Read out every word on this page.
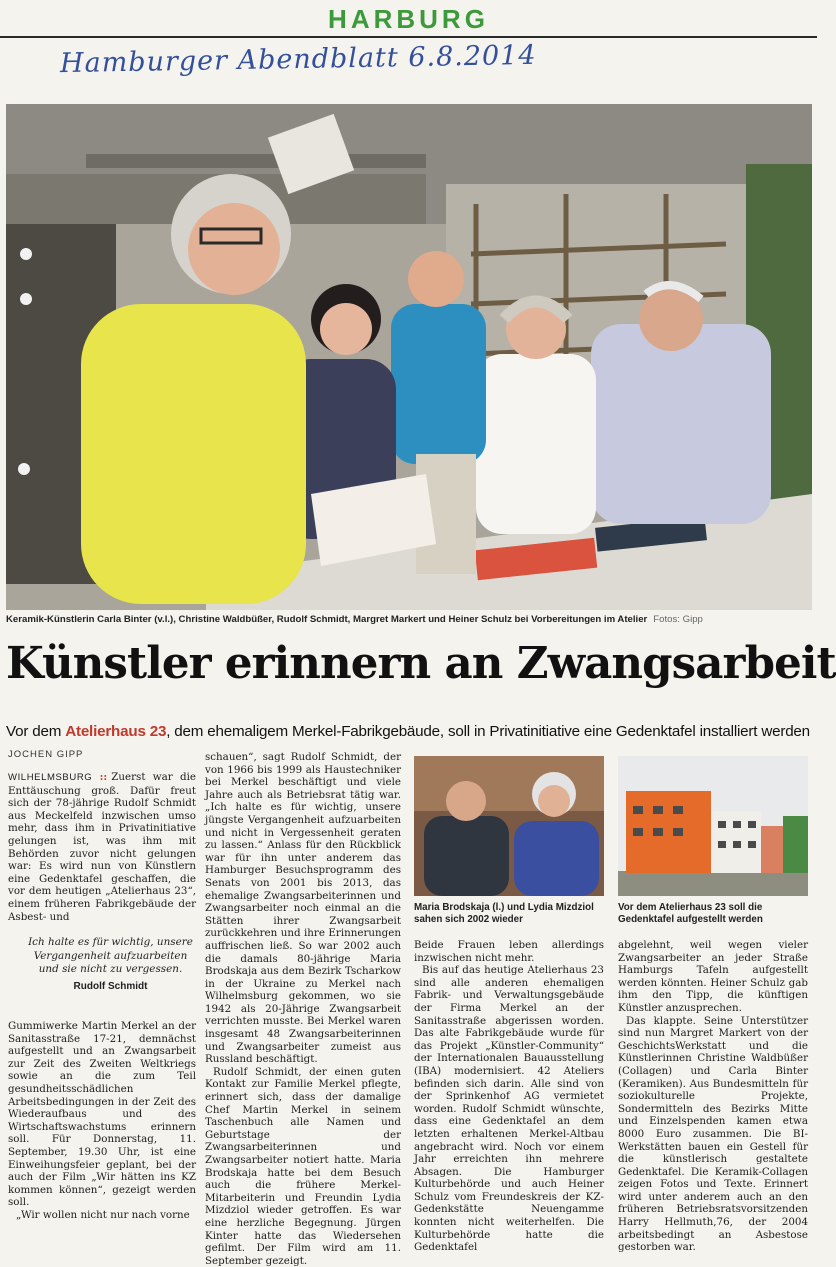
HARBURG
Hamburger Abendblatt 6.8.2014
Keramik-Künstlerin Carla Binter (v.l.), Christine Waldbüßer, Rudolf Schmidt, Margret Markert und Heiner Schulz bei Vorbereitungen im Atelier Fotos: Gipp
Künstler erinnern an Zwangsarbeit
Vor dem Atelierhaus 23, dem ehemaligem Merkel-Fabrikgebäude, soll in Privatinitiative eine Gedenktafel installiert werden
JOCHEN GIPP

WILHELMSBURG :: Zuerst war die Enttäuschung groß. Dafür freut sich der 78-jährige Rudolf Schmidt aus Meckelfeld inzwischen umso mehr, dass ihm in Privatinitiative gelungen ist, was ihm mit Behörden zuvor nicht gelungen war: Es wird nun von Künstlern eine Gedenktafel geschaffen, die vor dem heutigen „Atelierhaus 23“, einem früheren Fabrikgebäude der Asbest- und

Ich halte es für wichtig, unsere Vergangenheit aufzuarbeiten und sie nicht zu vergessen.
Rudolf Schmidt

Gummiwerke Martin Merkel an der Sanitasstraße 17-21, demnächst aufgestellt und an Zwangsarbeit zur Zeit des Zweiten Weltkriegs sowie an die zum Teil gesundheitsschädlichen Arbeitsbedingungen in der Zeit des Wiederaufbaus und des Wirtschaftswachstums erinnern soll. Für Donnerstag, 11. September, 19.30 Uhr, ist eine Einweihungsfeier geplant, bei der auch der Film „Wir hätten ins KZ kommen können“, gezeigt werden soll.

„Wir wollen nicht nur nach vorne

schauen“, sagt Rudolf Schmidt, der von 1966 bis 1999 als Haustechniker bei Merkel beschäftigt und viele Jahre auch als Betriebsrat tätig war. „Ich halte es für wichtig, unsere jüngste Vergangenheit aufzuarbeiten und nicht in Vergessenheit geraten zu lassen.“ Anlass für den Rückblick war für ihn unter anderem das Hamburger Besuchsprogramm des Senats von 2001 bis 2013, das ehemalige Zwangsarbeiterinnen und Zwangsarbeiter noch einmal an die Stätten ihrer Zwangsarbeit zurückkehren und ihre Erinnerungen auffrischen ließ. So war 2002 auch die damals 80-jährige Maria Brodskaja aus dem Bezirk Tscharkow in der Ukraine zu Merkel nach Wilhelmsburg gekommen, wo sie 1942 als 20-Jährige Zwangsarbeit verrichten musste. Bei Merkel waren insgesamt 48 Zwangsarbeiterinnen und Zwangsarbeiter zumeist aus Russland beschäftigt.

Rudolf Schmidt, der einen guten Kontakt zur Familie Merkel pflegte, erinnert sich, dass der damalige Chef Martin Merkel in seinem Taschenbuch alle Namen und Geburtstage der Zwangsarbeiterinnen und Zwangsarbeiter notiert hatte. Maria Brodskaja hatte bei dem Besuch auch die frühere Merkel-Mitarbeiterin und Freundin Lydia Mizdziol wieder getroffen. Es war eine herzliche Begegnung. Jürgen Kinter hatte das Wiedersehen gefilmt. Der Film wird am 11. September gezeigt.

Maria Brodskaja (l.) und Lydia Mizdziol sahen sich 2002 wieder
Vor dem Atelierhaus 23 soll die Gedenktafel aufgestellt werden

Beide Frauen leben allerdings inzwischen nicht mehr.

Bis auf das heutige Atelierhaus 23 sind alle anderen ehemaligen Fabrik- und Verwaltungsgebäude der Firma Merkel an der Sanitasstraße abgerissen worden. Das alte Fabrikgebäude wurde für das Projekt „Künstler-Community“ der Internationalen Bauausstellung (IBA) modernisiert. 42 Ateliers befinden sich darin. Alle sind von der Sprinkenhof AG vermietet worden. Rudolf Schmidt wünschte, dass eine Gedenktafel an dem letzten erhaltenen Merkel-Altbau angebracht wird. Noch vor einem Jahr erreichten ihn mehrere Absagen. Die Hamburger Kulturbehörde und auch Heiner Schulz vom Freundeskreis der KZ-Gedenkstätte Neuengamme konnten nicht weiterhelfen. Die Kulturbehörde hatte die Gedenktafel

abgelehnt, weil wegen vieler Zwangsarbeiter an jeder Straße Hamburgs Tafeln aufgestellt werden könnten. Heiner Schulz gab ihm den Tipp, die künftigen Künstler anzusprechen.

Das klappte. Seine Unterstützer sind nun Margret Markert von der GeschichtsWerkstatt und die Künstlerinnen Christine Waldbüßer (Collagen) und Carla Binter (Keramiken). Aus Bundesmitteln für soziokulturelle Projekte, Sondermitteln des Bezirks Mitte und Einzelspenden kamen etwa 8000 Euro zusammen. Die BI-Werkstätten bauen ein Gestell für die künstlerisch gestaltete Gedenktafel. Die Keramik-Collagen zeigen Fotos und Texte. Erinnert wird unter anderem auch an den früheren Betriebsratsvorsitzenden Harry Hellmuth,76, der 2004 arbeitsbedingt an Asbestose gestorben war.
